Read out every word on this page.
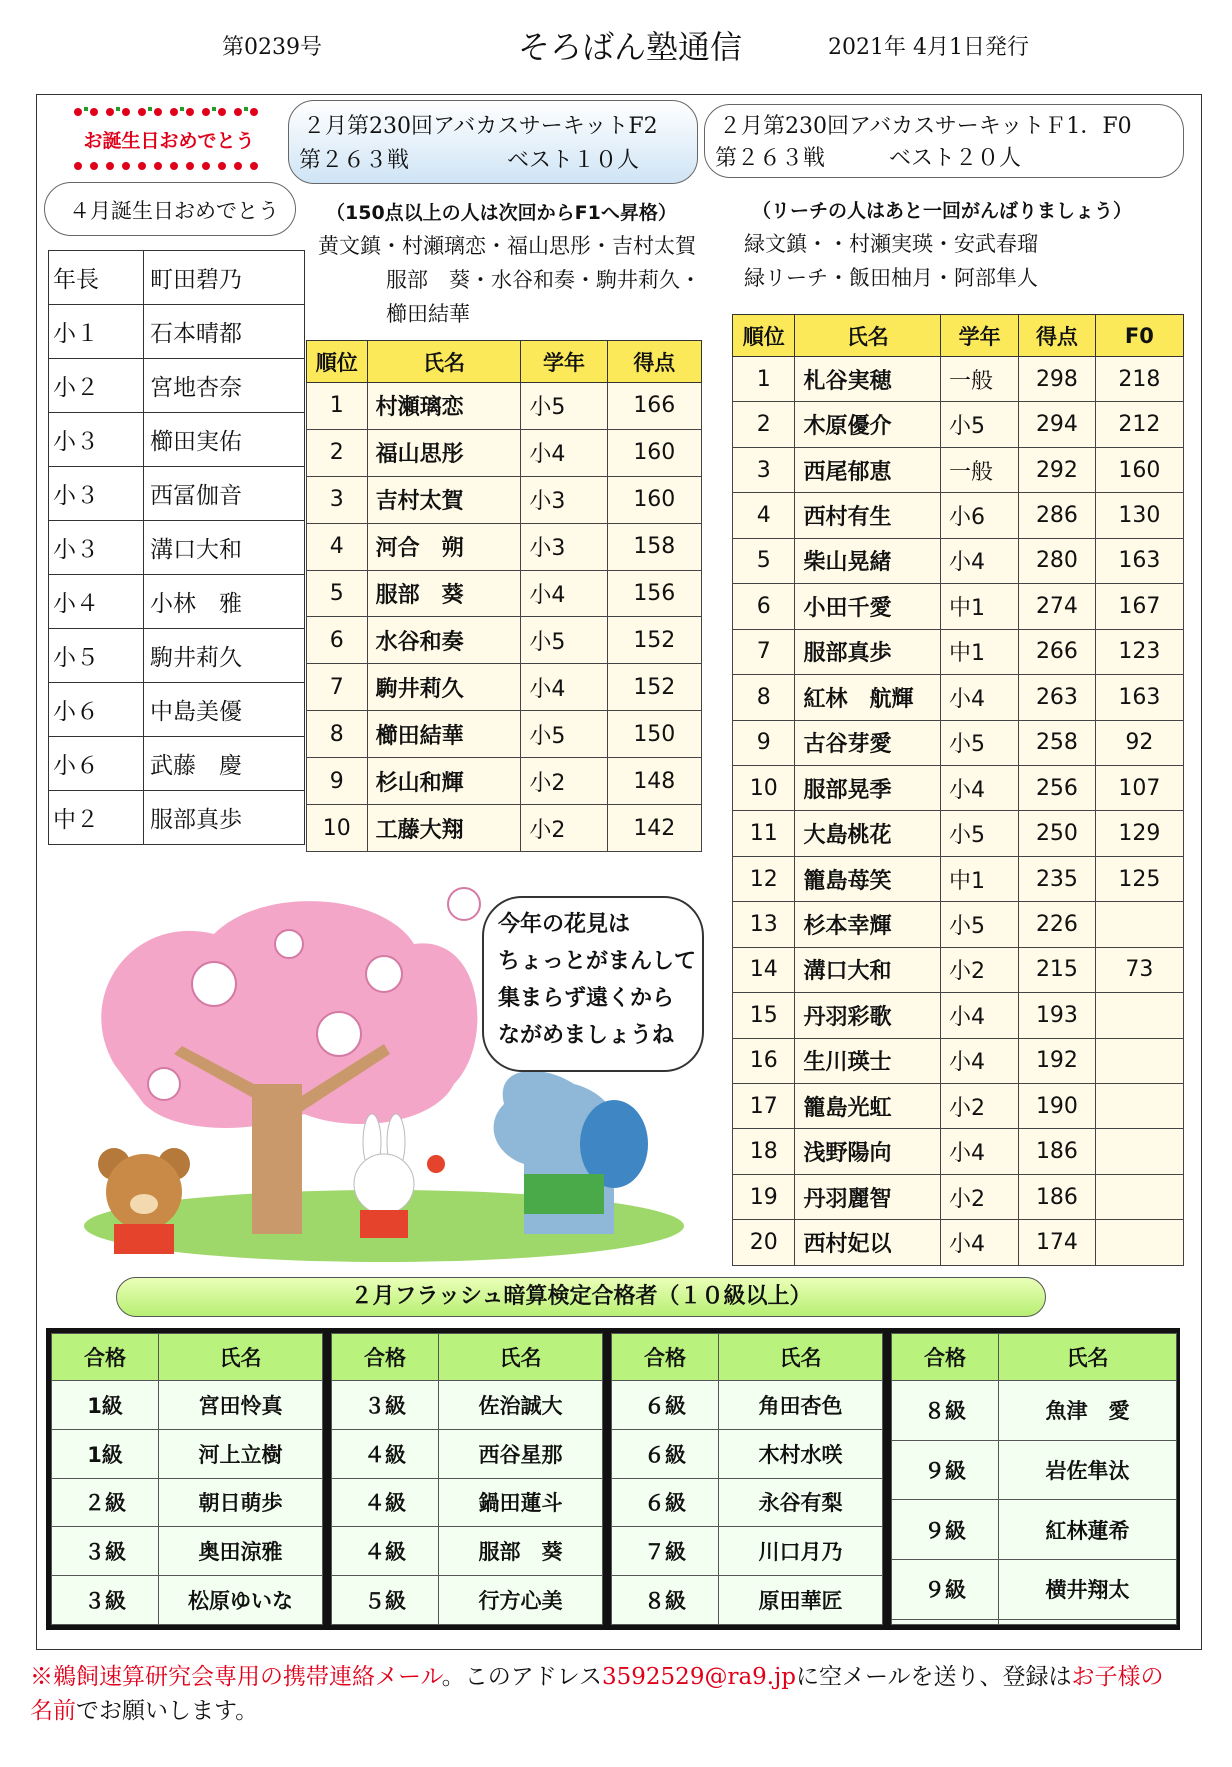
第0239号	そろばん塾通信	2021年 4月1日発行
お誕生日おめでとう
２月第230回アバカスサーキットF2
第２６３戦	ベスト１０人
２月第230回アバカスサーキットＦ1．F0
第２６３戦	ベスト２０人
４月誕生日おめでとう
年長	町田碧乃
小１	石本晴都
小２	宮地杏奈
小３	櫛田実佑
小３	西冨伽音
小３	溝口大和
小４	小林　雅
小５	駒井莉久
小６	中島美優
小６	武藤　慶
中２	服部真歩
（150点以上の人は次回からF1へ昇格）
黄文鎮・村瀬璃恋・福山思彤・吉村太賀
服部　葵・水谷和奏・駒井莉久・
櫛田結華
（リーチの人はあと一回がんばりましょう）
緑文鎮・・村瀬実瑛・安武春瑠
緑リーチ・飯田柚月・阿部隼人
順位	氏名	学年	得点
1	村瀬璃恋	小5	166
2	福山思彤	小4	160
3	吉村太賀	小3	160
4	河合　朔	小3	158
5	服部　葵	小4	156
6	水谷和奏	小5	152
7	駒井莉久	小4	152
8	櫛田結華	小5	150
9	杉山和輝	小2	148
10	工藤大翔	小2	142
順位	氏名	学年	得点	F0
1	札谷実穂	一般	298	218
2	木原優介	小5	294	212
3	西尾郁恵	一般	292	160
4	西村有生	小6	286	130
5	柴山晃緒	小4	280	163
6	小田千愛	中1	274	167
7	服部真歩	中1	266	123
8	紅林　航輝	小4	263	163
9	古谷芽愛	小5	258	92
10	服部晃季	小4	256	107
11	大島桃花	小5	250	129
12	籠島苺笑	中1	235	125
13	杉本幸輝	小5	226	
14	溝口大和	小2	215	73
15	丹羽彩歌	小4	193	
16	生川瑛士	小4	192	
17	籠島光虹	小2	190	
18	浅野陽向	小4	186	
19	丹羽麗智	小2	186	
20	西村妃以	小4	174	
今年の花見は
ちょっとがまんして
集まらず遠くから
ながめましょうね
２月フラッシュ暗算検定合格者（１０級以上）
合格	氏名
1級	宮田怜真
1級	河上立樹
２級	朝日萌歩
３級	奥田涼雅
３級	松原ゆいな
合格	氏名
３級	佐治誠大
４級	西谷星那
４級	鍋田蓮斗
４級	服部　葵
５級	行方心美
合格	氏名
６級	角田杏色
６級	木村水咲
６級	永谷有梨
７級	川口月乃
８級	原田華匠
合格	氏名
８級	魚津　愛
９級	岩佐隼汰
９級	紅林蓮希
９級	横井翔太

※鵜飼速算研究会専用の携帯連絡メール。このアドレス3592529@ra9.jpに空メールを送り、登録はお子様の
名前でお願いします。
